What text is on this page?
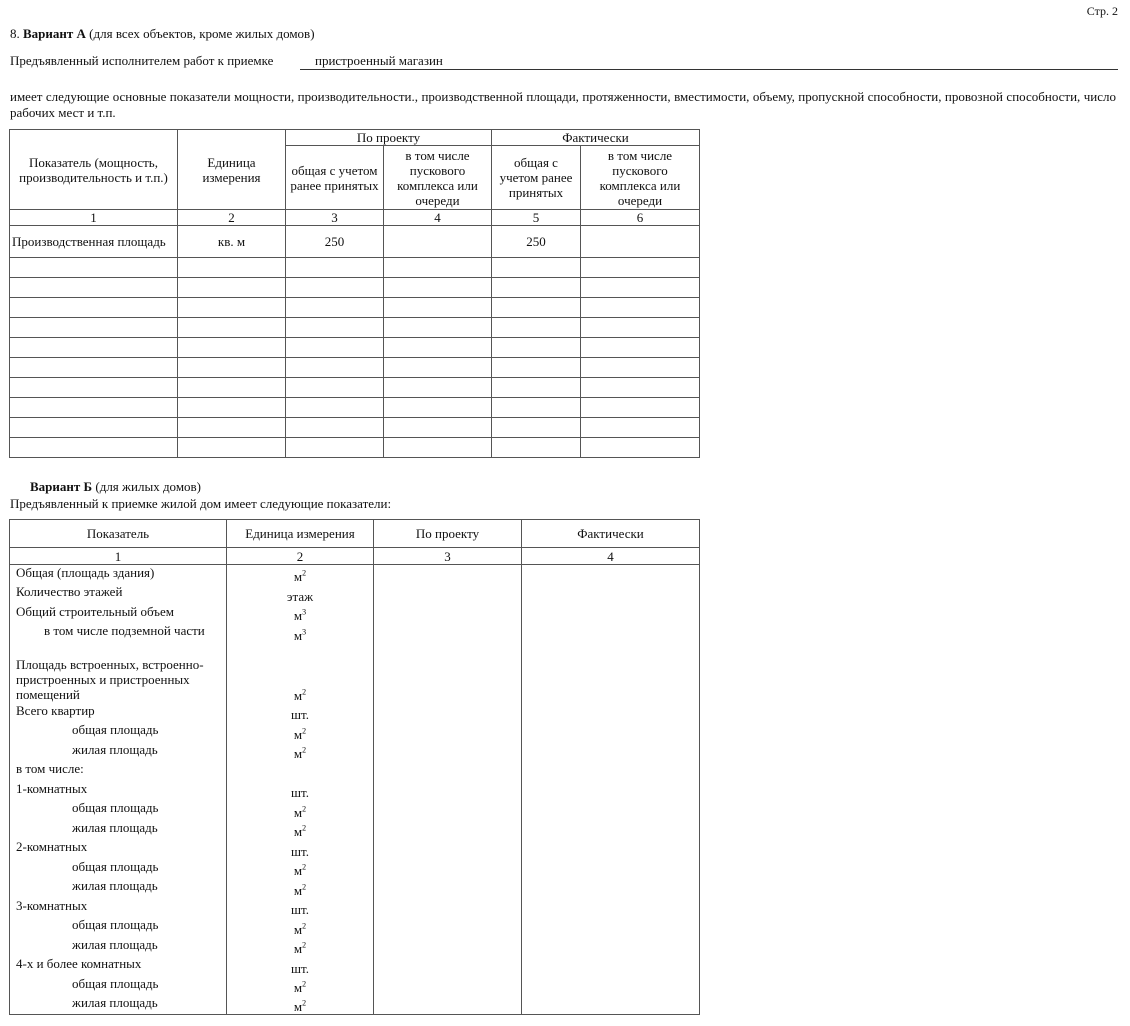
Стр. 2
8. Вариант А (для всех объектов, кроме жилых домов)
Предъявленный исполнителем работ к приемке	пристроенный магазин
имеет следующие основные показатели мощности, производительности., производственной площади, протяженности, вместимости, объему, пропускной способности, провозной способности, число рабочих мест и т.п.
Показатель (мощность, производительность и т.п.)	Единица измерения	По проекту		Фактически	
		общая с учетом ранее принятых	в том числе пускового комплекса или очереди	общая с учетом ранее принятых	в том числе пускового комплекса или очереди
1	2	3	4	5	6
Производственная площадь	кв. м	250		250	

Вариант Б (для жилых домов)
Предъявленный к приемке жилой дом имеет следующие показатели:
Показатель	Единица измерения	По проекту	Фактически
1	2	3	4
Общая (площадь здания)	$м^2$		
Количество этажей	этаж		
Общий строительный объем	$м^3$		
в том числе подземной части	$м^3$		
Площадь встроенных, встроенно-пристроенных и пристроенных помещений	$м^2$		
Всего квартир	шт.		
общая площадь	$м^2$		
жилая площадь	$м^2$		
в том числе:			
1-комнатных	шт.		
общая площадь	$м^2$		
жилая площадь	$м^2$		
2-комнатных	шт.		
общая площадь	$м^2$		
жилая площадь	$м^2$		
3-комнатных	шт.		
общая площадь	$м^2$		
жилая площадь	$м^2$		
4-х и более комнатных	шт.		
общая площадь	$м^2$		
жилая площадь	$м^2$		
